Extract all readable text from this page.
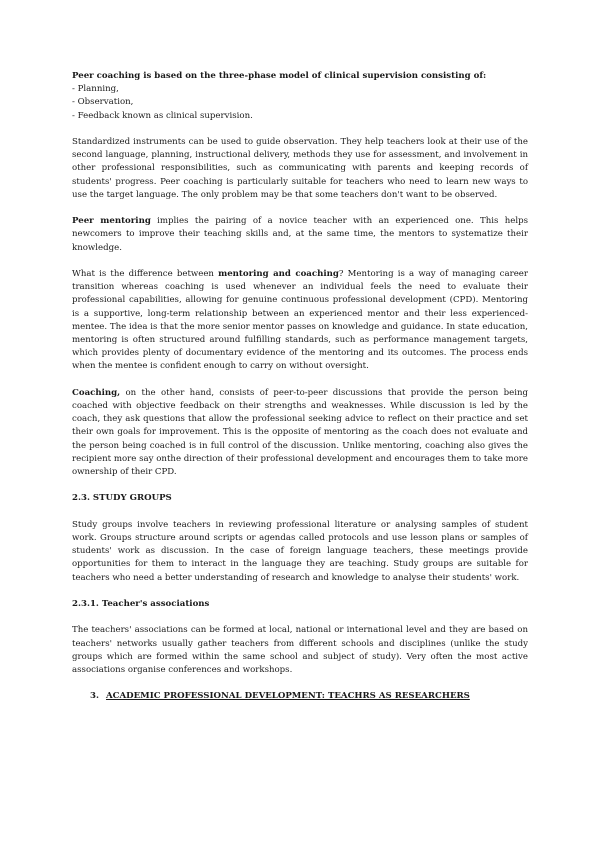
Peer coaching is based on the three-phase model of clinical supervision consisting of:
- Planning,
- Observation,
- Feedback known as clinical supervision.

Standardized instruments can be used to guide observation. They help teachers look at their use of the second language, planning, instructional delivery, methods they use for assessment, and involvement in other professional responsibilities, such as communicating with parents and keeping records of students' progress. Peer coaching is particularly suitable for teachers who need to learn new ways to use the target language. The only problem may be that some teachers don't want to be observed.

Peer mentoring implies the pairing of a novice teacher with an experienced one. This helps newcomers to improve their teaching skills and, at the same time, the mentors to systematize their knowledge.

What is the difference between mentoring and coaching? Mentoring is a way of managing career transition whereas coaching is used whenever an individual feels the need to evaluate their professional capabilities, allowing for genuine continuous professional development (CPD). Mentoring is a supportive, long-term relationship between an experienced mentor and their less experienced-mentee. The idea is that the more senior mentor passes on knowledge and guidance. In state education, mentoring is often structured around fulfilling standards, such as performance management targets, which provides plenty of documentary evidence of the mentoring and its outcomes. The process ends when the mentee is confident enough to carry on without oversight.

Coaching, on the other hand, consists of peer-to-peer discussions that provide the person being coached with objective feedback on their strengths and weaknesses. While discussion is led by the coach, they ask questions that allow the professional seeking advice to reflect on their practice and set their own goals for improvement. This is the opposite of mentoring as the coach does not evaluate and the person being coached is in full control of the discussion. Unlike mentoring, coaching also gives the recipient more say onthe direction of their professional development and encourages them to take more ownership of their CPD.

2.3. STUDY GROUPS

Study groups involve teachers in reviewing professional literature or analysing samples of student work. Groups structure around scripts or agendas called protocols and use lesson plans or samples of students' work as discussion. In the case of foreign language teachers, these meetings provide opportunities for them to interact in the language they are teaching. Study groups are suitable for teachers who need a better understanding of research and knowledge to analyse their students' work.

2.3.1. Teacher's associations

The teachers' associations can be formed at local, national or international level and they are based on teachers' networks usually gather teachers from different schools and disciplines (unlike the study groups which are formed within the same school and subject of study). Very often the most active associations organise conferences and workshops.

3. ACADEMIC PROFESSIONAL DEVELOPMENT: TEACHRS AS RESEARCHERS
